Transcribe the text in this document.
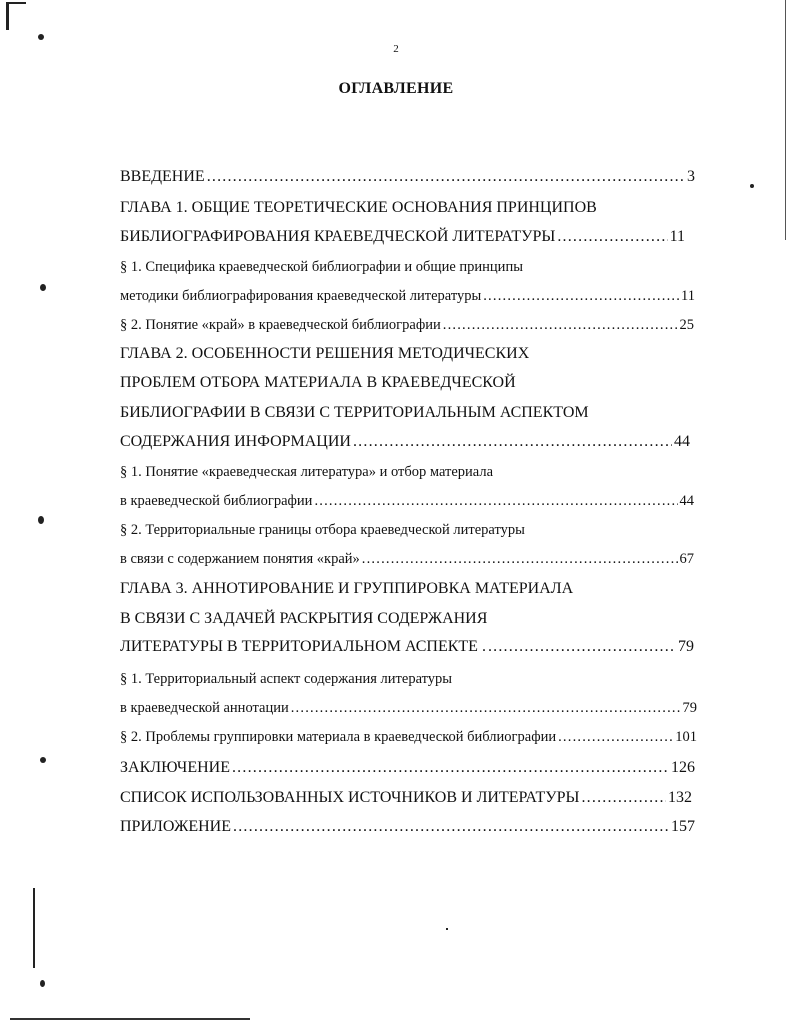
2
ОГЛАВЛЕНИЕ
ВВЕДЕНИЕ .....	3
ГЛАВА 1. ОБЩИЕ ТЕОРЕТИЧЕСКИЕ ОСНОВАНИЯ ПРИНЦИПОВ
БИБЛИОГРАФИРОВАНИЯ КРАЕВЕДЧЕСКОЙ ЛИТЕРАТУРЫ .....	11
§ 1. Специфика краеведческой библиографии и общие принципы
методики библиографирования краеведческой литературы .....	11
§ 2. Понятие «край» в краеведческой библиографии .....	25
ГЛАВА 2. ОСОБЕННОСТИ РЕШЕНИЯ МЕТОДИЧЕСКИХ
ПРОБЛЕМ ОТБОРА МАТЕРИАЛА В КРАЕВЕДЧЕСКОЙ
БИБЛИОГРАФИИ В СВЯЗИ С ТЕРРИТОРИАЛЬНЫМ АСПЕКТОМ
СОДЕРЖАНИЯ ИНФОРМАЦИИ .....	44
§ 1. Понятие «краеведческая литература» и отбор материала
в краеведческой библиографии .....	44
§ 2. Территориальные границы отбора краеведческой литературы
в связи с содержанием понятия «край» .....	67
ГЛАВА 3. АННОТИРОВАНИЕ И ГРУППИРОВКА МАТЕРИАЛА
В СВЯЗИ С ЗАДАЧЕЙ РАСКРЫТИЯ СОДЕРЖАНИЯ
ЛИТЕРАТУРЫ В ТЕРРИТОРИАЛЬНОМ АСПЕКТЕ . .....	79
§ 1. Территориальный аспект содержания литературы
в краеведческой аннотации .....	79
§ 2. Проблемы группировки материала в краеведческой библиографии .....	101
ЗАКЛЮЧЕНИЕ .....	126
СПИСОК ИСПОЛЬЗОВАННЫХ ИСТОЧНИКОВ И ЛИТЕРАТУРЫ .....	132
ПРИЛОЖЕНИЕ .....	157
